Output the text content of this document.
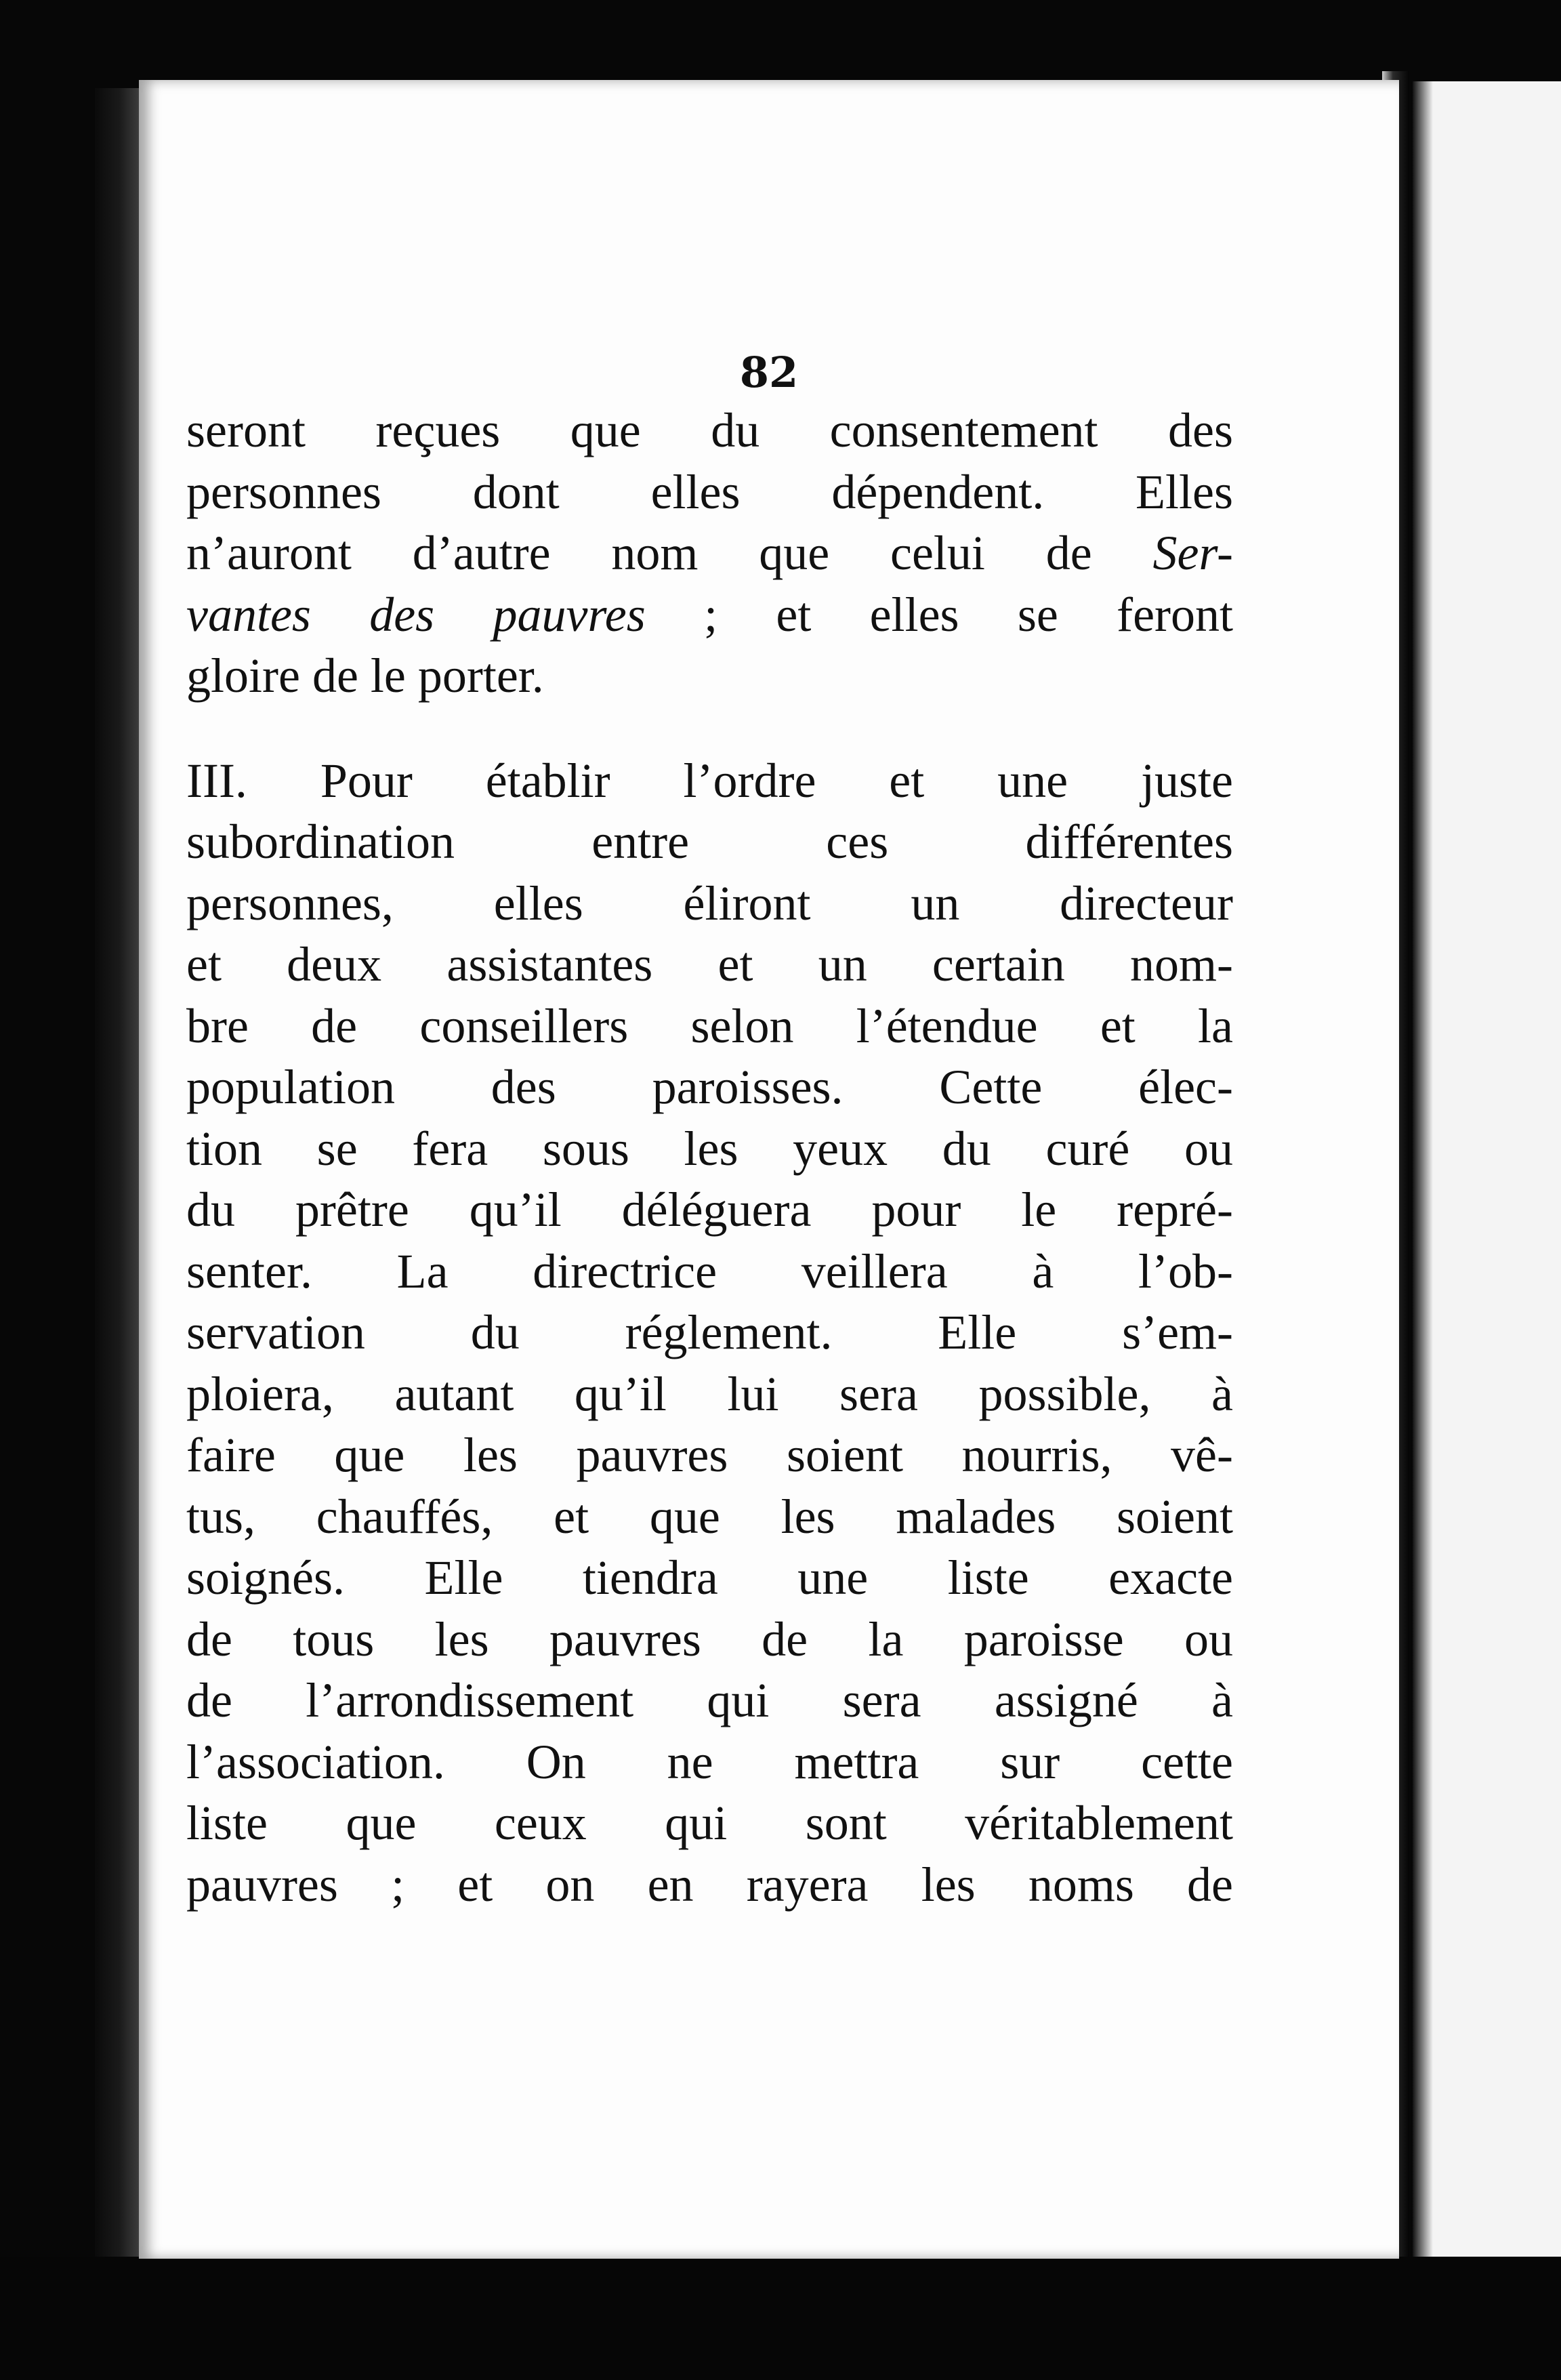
82

seront reçues que du consentement des
personnes dont elles dépendent. Elles
n’auront d’autre nom que celui de Ser-
vantes des pauvres ; et elles se feront
gloire de le porter.
III. Pour établir l’ordre et une juste
subordination entre ces différentes
personnes, elles éliront un directeur
et deux assistantes et un certain nom-
bre de conseillers selon l’étendue et la
population des paroisses. Cette élec-
tion se fera sous les yeux du curé ou
du prêtre qu’il déléguera pour le repré-
senter. La directrice veillera à l’ob-
servation du réglement. Elle s’em-
ploiera, autant qu’il lui sera possible, à
faire que les pauvres soient nourris, vê-
tus, chauffés, et que les malades soient
soignés. Elle tiendra une liste exacte
de tous les pauvres de la paroisse ou
de l’arrondissement qui sera assigné à
l’association. On ne mettra sur cette
liste que ceux qui sont véritablement
pauvres ; et on en rayera les noms de
